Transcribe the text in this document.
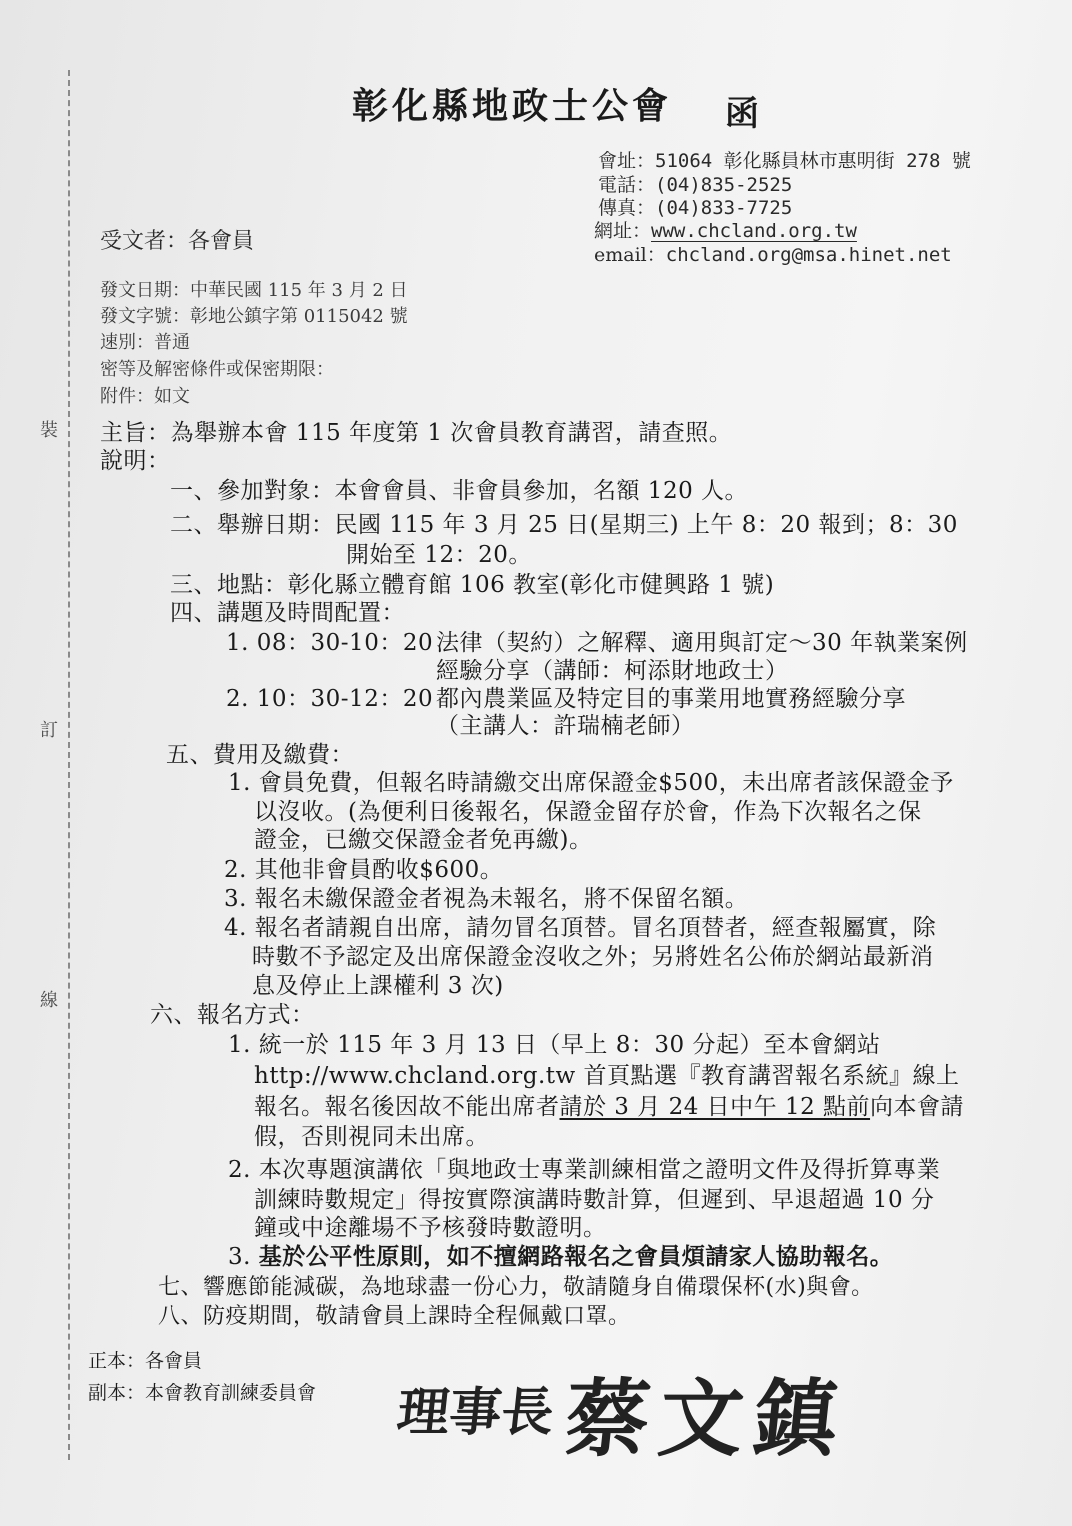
裝
訂
線
彰化縣地政士公會 函
會址：51064 彰化縣員林市惠明街 278 號
電話：(04)835-2525
傳真：(04)833-7725
網址：www.chcland.org.tw
email：chcland.org@msa.hinet.net
受文者：各會員
發文日期：中華民國 115 年 3 月 2 日
發文字號：彰地公鎮字第 0115042 號
速別：普通
密等及解密條件或保密期限：
附件：如文
主旨：為舉辦本會 115 年度第 1 次會員教育講習，請查照。
說明：
一、參加對象：本會會員、非會員參加，名額 120 人。
二、舉辦日期：民國 115 年 3 月 25 日(星期三) 上午 8：20 報到；8：30
開始至 12：20。
三、地點：彰化縣立體育館 106 教室(彰化市健興路 1 號)
四、講題及時間配置：
1. 08：30-10：20 法律（契約）之解釋、適用與訂定～30 年執業案例
經驗分享（講師：柯添財地政士）
2. 10：30-12：20 都內農業區及特定目的事業用地實務經驗分享
（主講人：許瑞楠老師）
五、費用及繳費：
1. 會員免費，但報名時請繳交出席保證金$500，未出席者該保證金予
以沒收。(為便利日後報名，保證金留存於會，作為下次報名之保
證金，已繳交保證金者免再繳)。
2. 其他非會員酌收$600。
3. 報名未繳保證金者視為未報名，將不保留名額。
4. 報名者請親自出席，請勿冒名頂替。冒名頂替者，經查報屬實，除
時數不予認定及出席保證金沒收之外；另將姓名公佈於網站最新消
息及停止上課權利 3 次)
六、報名方式：
1. 統一於 115 年 3 月 13 日（早上 8：30 分起）至本會網站
http://www.chcland.org.tw 首頁點選『教育講習報名系統』線上
報名。報名後因故不能出席者請於 3 月 24 日中午 12 點前向本會請
假，否則視同未出席。
2. 本次專題演講依「與地政士專業訓練相當之證明文件及得折算專業
訓練時數規定」得按實際演講時數計算，但遲到、早退超過 10 分
鐘或中途離場不予核發時數證明。
3. 基於公平性原則，如不擅網路報名之會員煩請家人協助報名。
七、響應節能減碳，為地球盡一份心力，敬請隨身自備環保杯(水)與會。
八、防疫期間，敬請會員上課時全程佩戴口罩。
正本：各會員
副本：本會教育訓練委員會 理事長 蔡文鎮
